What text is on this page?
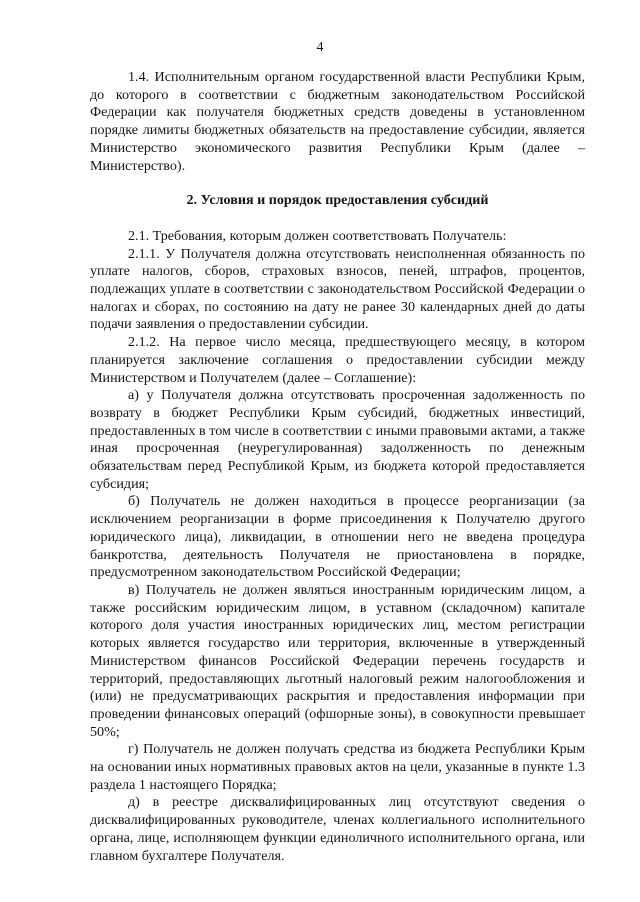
4

1.4. Исполнительным органом государственной власти Республики Крым, до которого в соответствии с бюджетным законодательством Российской Федерации как получателя бюджетных средств доведены в установленном порядке лимиты бюджетных обязательств на предоставление субсидии, является Министерство экономического развития Республики Крым (далее – Министерство).

2. Условия и порядок предоставления субсидий

2.1. Требования, которым должен соответствовать Получатель:

2.1.1. У Получателя должна отсутствовать неисполненная обязанность по уплате налогов, сборов, страховых взносов, пеней, штрафов, процентов, подлежащих уплате в соответствии с законодательством Российской Федерации о налогах и сборах, по состоянию на дату не ранее 30 календарных дней до даты подачи заявления о предоставлении субсидии.

2.1.2. На первое число месяца, предшествующего месяцу, в котором планируется заключение соглашения о предоставлении субсидии между Министерством и Получателем (далее – Соглашение):

а) у Получателя должна отсутствовать просроченная задолженность по возврату в бюджет Республики Крым субсидий, бюджетных инвестиций, предоставленных в том числе в соответствии с иными правовыми актами, а также иная просроченная (неурегулированная) задолженность по денежным обязательствам перед Республикой Крым, из бюджета которой предоставляется субсидия;

б) Получатель не должен находиться в процессе реорганизации (за исключением реорганизации в форме присоединения к Получателю другого юридического лица), ликвидации, в отношении него не введена процедура банкротства, деятельность Получателя не приостановлена в порядке, предусмотренном законодательством Российской Федерации;

в) Получатель не должен являться иностранным юридическим лицом, а также российским юридическим лицом, в уставном (складочном) капитале которого доля участия иностранных юридических лиц, местом регистрации которых является государство или территория, включенные в утвержденный Министерством финансов Российской Федерации перечень государств и территорий, предоставляющих льготный налоговый режим налогообложения и (или) не предусматривающих раскрытия и предоставления информации при проведении финансовых операций (офшорные зоны), в совокупности превышает 50%;

г) Получатель не должен получать средства из бюджета Республики Крым на основании иных нормативных правовых актов на цели, указанные в пункте 1.3 раздела 1 настоящего Порядка;

д) в реестре дисквалифицированных лиц отсутствуют сведения о дисквалифицированных руководителе, членах коллегиального исполнительного органа, лице, исполняющем функции единоличного исполнительного органа, или главном бухгалтере Получателя.
